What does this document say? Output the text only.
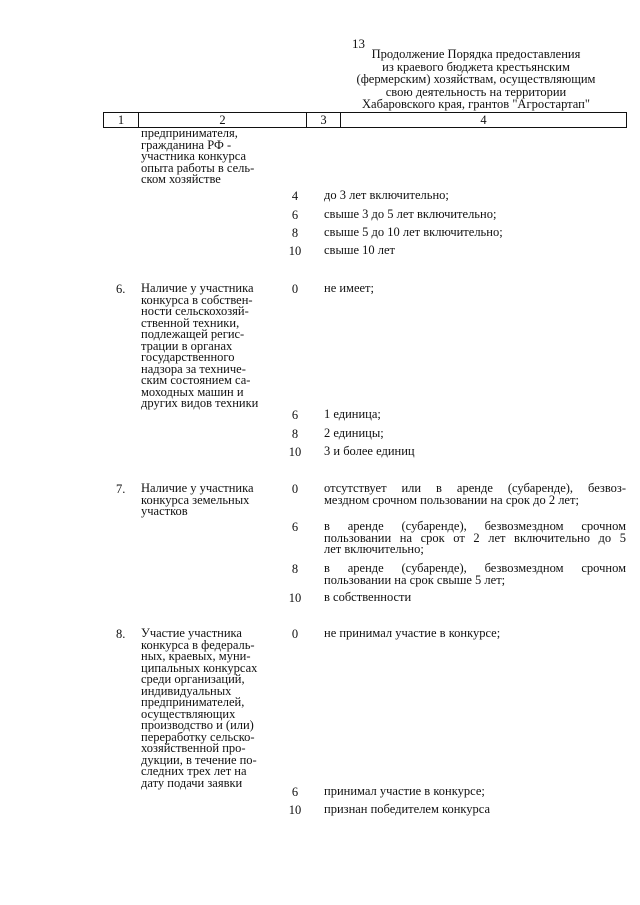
13
Продолжение Порядка предоставления
из краевого бюджета крестьянским
(фермерским) хозяйствам, осуществляющим
свою деятельность на территории
Хабаровского края, грантов "Агростартап"
1	2	3	4
предпринимателя,
гражданина РФ -
участника конкурса
опыта работы в сель-
ском хозяйстве
4	до 3 лет включительно;
6	свыше 3 до 5 лет включительно;
8	свыше 5 до 10 лет включительно;
10	свыше 10 лет
6. Наличие у участника
конкурса в собствен-
ности сельскохозяй-
ственной техники,
подлежащей регис-
трации в органах
государственного
надзора за техниче-
ским состоянием са-
моходных машин и
других видов техники
0	не имеет;
6	1 единица;
8	2 единицы;
10	3 и более единиц
7. Наличие у участника
конкурса земельных
участков
0	отсутствует или в аренде (субаренде), безвоз-
мездном срочном пользовании на срок до 2 лет;
6	в аренде (субаренде), безвозмездном срочном
пользовании на срок от 2 лет включительно до 5
лет включительно;
8	в аренде (субаренде), безвозмездном срочном
пользовании на срок свыше 5 лет;
10	в собственности
8. Участие участника
конкурса в федераль-
ных, краевых, муни-
ципальных конкурсах
среди организаций,
индивидуальных
предпринимателей,
осуществляющих
производство и (или)
переработку сельско-
хозяйственной про-
дукции, в течение по-
следних трех лет на
дату подачи заявки
0	не принимал участие в конкурсе;
6	принимал участие в конкурсе;
10	признан победителем конкурса
